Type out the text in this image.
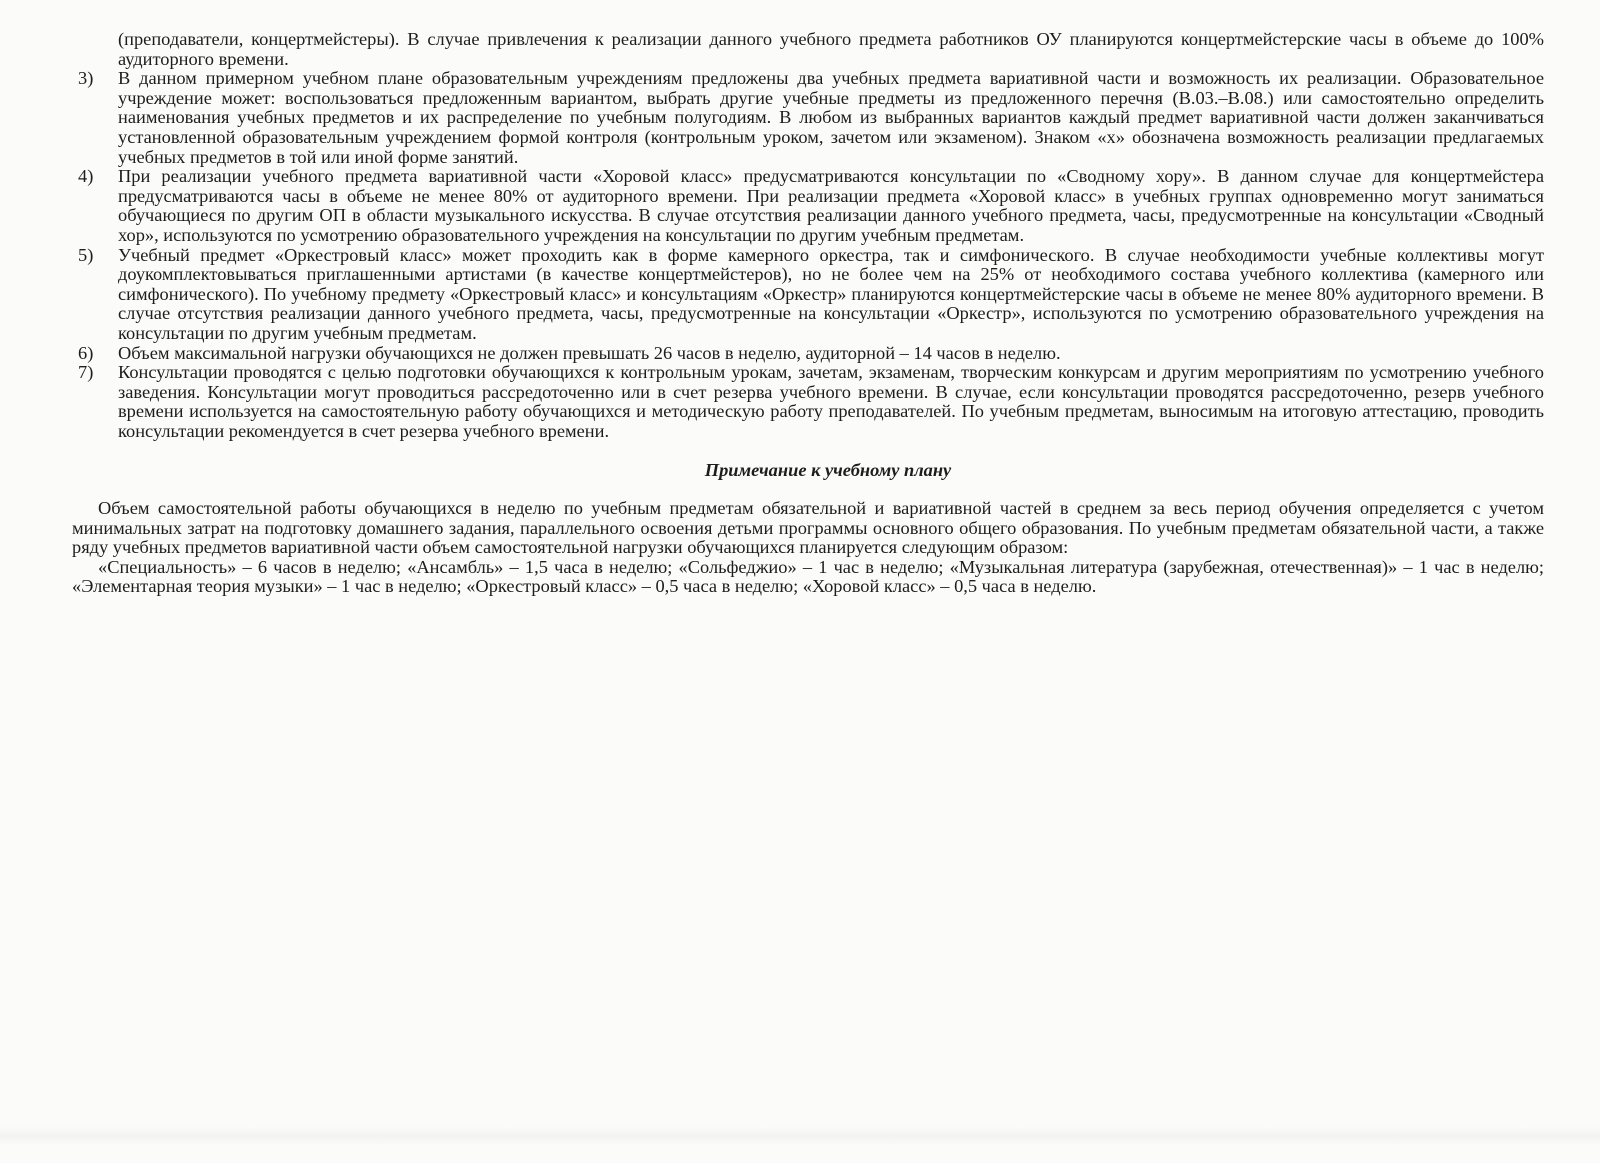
(преподаватели, концертмейстеры). В случае привлечения к реализации данного учебного предмета работников ОУ планируются концертмейстерские часы в объеме до 100% аудиторного времени.

3)	В данном примерном учебном плане образовательным учреждениям предложены два учебных предмета вариативной части и возможность их реализации. Образовательное учреждение может: воспользоваться предложенным вариантом, выбрать другие учебные предметы из предложенного перечня (В.03.–В.08.) или самостоятельно определить наименования учебных предметов и их распределение по учебным полугодиям. В любом из выбранных вариантов каждый предмет вариативной части должен заканчиваться установленной образовательным учреждением формой контроля (контрольным уроком, зачетом или экзаменом). Знаком «х» обозначена возможность реализации предлагаемых учебных предметов в той или иной форме занятий.

4)	При реализации учебного предмета вариативной части «Хоровой класс» предусматриваются консультации по «Сводному хору». В данном случае для концертмейстера предусматриваются часы в объеме не менее 80% от аудиторного времени. При реализации предмета «Хоровой класс» в учебных группах одновременно могут заниматься обучающиеся по другим ОП в области музыкального искусства. В случае отсутствия реализации данного учебного предмета, часы, предусмотренные на консультации «Сводный хор», используются по усмотрению образовательного учреждения на консультации по другим учебным предметам.

5)	Учебный предмет «Оркестровый класс» может проходить как в форме камерного оркестра, так и симфонического. В случае необходимости учебные коллективы могут доукомплектовываться приглашенными артистами (в качестве концертмейстеров), но не более чем на 25% от необходимого состава учебного коллектива (камерного или симфонического). По учебному предмету «Оркестровый класс» и консультациям «Оркестр» планируются концертмейстерские часы в объеме не менее 80% аудиторного времени. В случае отсутствия реализации данного учебного предмета, часы, предусмотренные на консультации «Оркестр», используются по усмотрению образовательного учреждения на консультации по другим учебным предметам.

6)	Объем максимальной нагрузки обучающихся не должен превышать 26 часов в неделю, аудиторной – 14 часов в неделю.

7)	Консультации проводятся с целью подготовки обучающихся к контрольным урокам, зачетам, экзаменам, творческим конкурсам и другим мероприятиям по усмотрению учебного заведения. Консультации могут проводиться рассредоточенно или в счет резерва учебного времени. В случае, если консультации проводятся рассредоточенно, резерв учебного времени используется на самостоятельную работу обучающихся и методическую работу преподавателей. По учебным предметам, выносимым на итоговую аттестацию, проводить консультации рекомендуется в счет резерва учебного времени.

Примечание к учебному плану

Объем самостоятельной работы обучающихся в неделю по учебным предметам обязательной и вариативной частей в среднем за весь период обучения определяется с учетом минимальных затрат на подготовку домашнего задания, параллельного освоения детьми программы основного общего образования. По учебным предметам обязательной части, а также ряду учебных предметов вариативной части объем самостоятельной нагрузки обучающихся планируется следующим образом:

«Специальность» – 6 часов в неделю; «Ансамбль» – 1,5 часа в неделю; «Сольфеджио» – 1 час в неделю; «Музыкальная литература (зарубежная, отечественная)» – 1 час в неделю; «Элементарная теория музыки» – 1 час в неделю; «Оркестровый класс» – 0,5 часа в неделю; «Хоровой класс» – 0,5 часа в неделю.
